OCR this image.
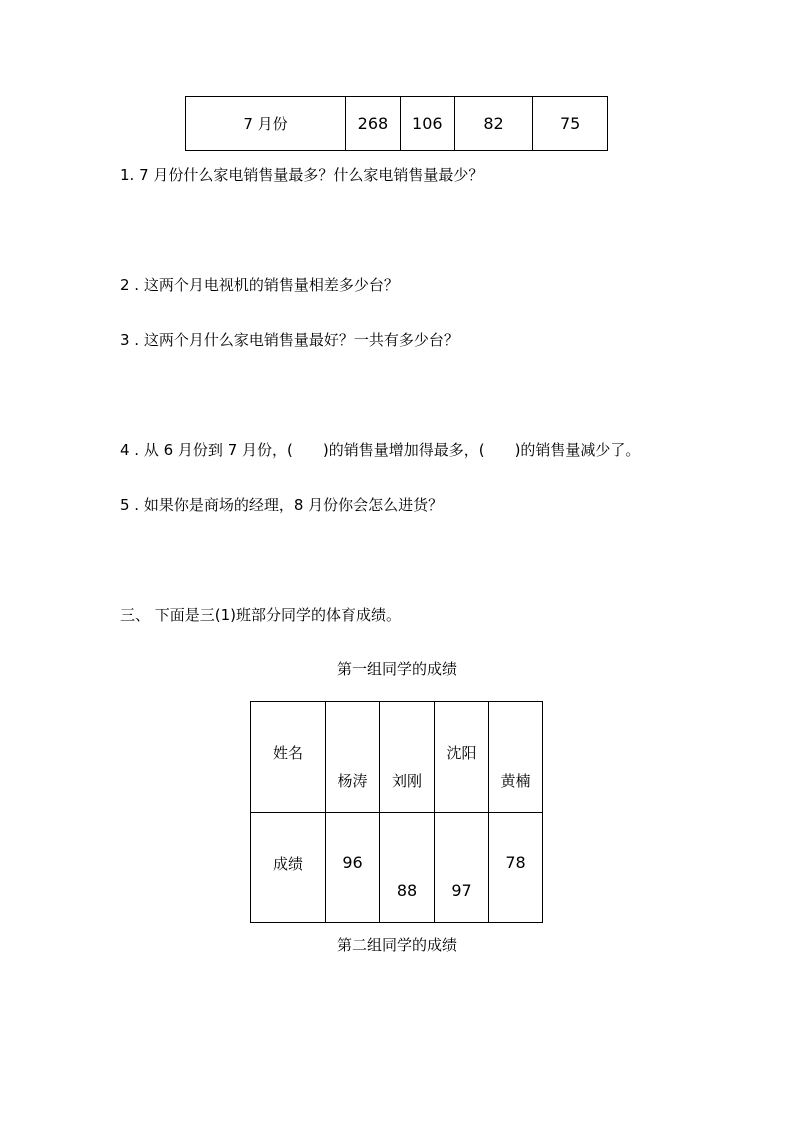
7 月份	268	106	82	75
1. 7 月份什么家电销售量最多？什么家电销售量最少？
2 . 这两个月电视机的销售量相差多少台？
3 . 这两个月什么家电销售量最好？一共有多少台？
4 . 从 6 月份到 7 月份，(　　)的销售量增加得最多，(　　)的销售量减少了。
5 . 如果你是商场的经理，8 月份你会怎么进货？
三、 下面是三(1)班部分同学的体育成绩。
第一组同学的成绩
姓名	杨涛	刘刚	沈阳	黄楠

成绩	96	88	97	78
第二组同学的成绩
